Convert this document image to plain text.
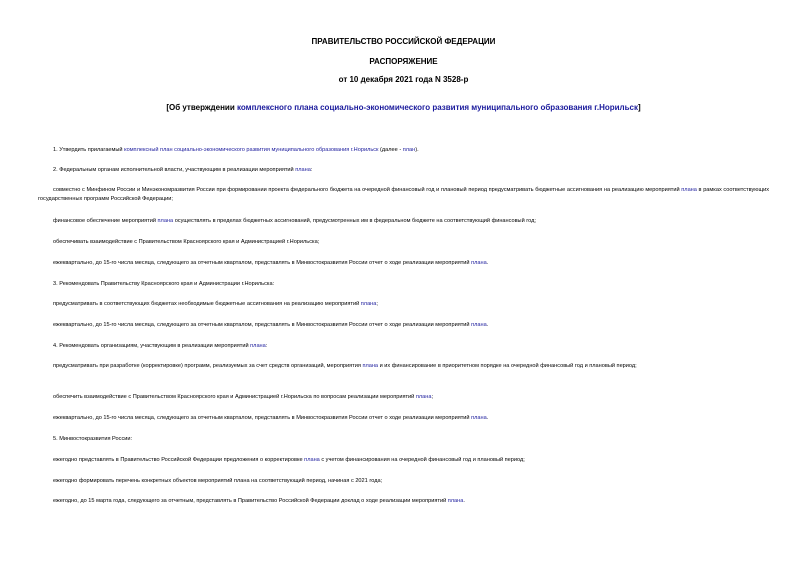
ПРАВИТЕЛЬСТВО РОССИЙСКОЙ ФЕДЕРАЦИИ

РАСПОРЯЖЕНИЕ

от 10 декабря 2021 года N 3528-р

[Об утверждении комплексного плана социально-экономического развития муниципального образования г.Норильск]

1. Утвердить прилагаемый комплексный план социально-экономического развития муниципального образования г.Норильск (далее - план).

2. Федеральным органам исполнительной власти, участвующим в реализации мероприятий плана:

совместно с Минфином России и Минэкономразвития России при формировании проекта федерального бюджета на очередной финансовый год и плановый период предусматривать бюджетные ассигнования на реализацию мероприятий плана в рамках соответствующих государственных программ Российской Федерации;

финансовое обеспечение мероприятий плана осуществлять в пределах бюджетных ассигнований, предусмотренных им в федеральном бюджете на соответствующий финансовый год;

обеспечивать взаимодействие с Правительством Красноярского края и Администрацией г.Норильска;

ежеквартально, до 15-го числа месяца, следующего за отчетным кварталом, представлять в Минвостокразвития России отчет о ходе реализации мероприятий плана.

3. Рекомендовать Правительству Красноярского края и Администрации г.Норильска:

предусматривать в соответствующих бюджетах необходимые бюджетные ассигнования на реализацию мероприятий плана;

ежеквартально, до 15-го числа месяца, следующего за отчетным кварталом, представлять в Минвостокразвития России отчет о ходе реализации мероприятий плана.

4. Рекомендовать организациям, участвующим в реализации мероприятий плана:

предусматривать при разработке (корректировке) программ, реализуемых за счет средств организаций, мероприятия плана и их финансирование в приоритетном порядке на очередной финансовый год и плановый период;

обеспечить взаимодействие с Правительством Красноярского края и Администрацией г.Норильска по вопросам реализации мероприятий плана;

ежеквартально, до 15-го числа месяца, следующего за отчетным кварталом, представлять в Минвостокразвития России отчет о ходе реализации мероприятий плана.

5. Минвостокразвития России:

ежегодно представлять в Правительство Российской Федерации предложения о корректировке плана с учетом финансирования на очередной финансовый год и плановый период;

ежегодно формировать перечень конкретных объектов мероприятий плана на соответствующий период, начиная с 2021 года;

ежегодно, до 15 марта года, следующего за отчетным, представлять в Правительство Российской Федерации доклад о ходе реализации мероприятий плана.
